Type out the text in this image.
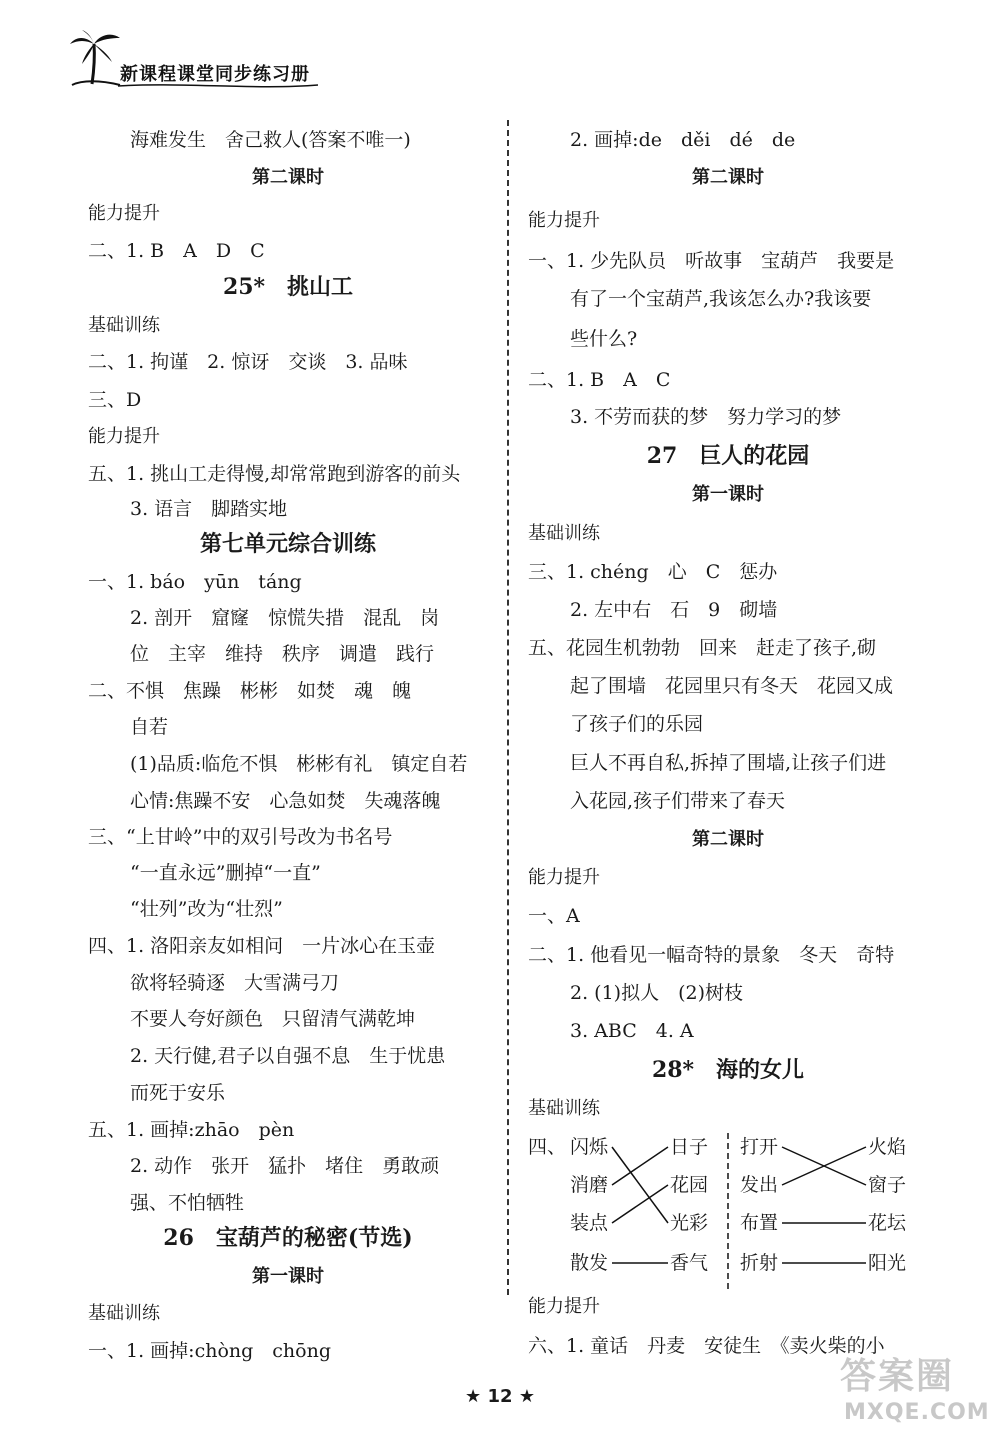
新课程课堂同步练习册
海难发生　舍己救人(答案不唯一)
第二课时
能力提升
二、1. B　A　D　C
25*　挑山工
基础训练
二、1. 拘谨　2. 惊讶　交谈　3. 品味
三、D
能力提升
五、1. 挑山工走得慢,却常常跑到游客的前头
3. 语言　脚踏实地
第七单元综合训练
一、1. báo　yūn　táng
2. 剖开　窟窿　惊慌失措　混乱　岗
位　主宰　维持　秩序　调遣　践行
二、不惧　焦躁　彬彬　如焚　魂　魄
自若
(1)品质:临危不惧　彬彬有礼　镇定自若
心情:焦躁不安　心急如焚　失魂落魄
三、“上甘岭”中的双引号改为书名号
“一直永远”删掉“一直”
“壮列”改为“壮烈”
四、1. 洛阳亲友如相问　一片冰心在玉壶
欲将轻骑逐　大雪满弓刀
不要人夸好颜色　只留清气满乾坤
2. 天行健,君子以自强不息　生于忧患
而死于安乐
五、1. 画掉:zhāo　pèn
2. 动作　张开　猛扑　堵住　勇敢顽
强、不怕牺牲
26　宝葫芦的秘密(节选)
第一课时
基础训练
一、1. 画掉:chòng　chōng
2. 画掉:de　děi　dé　de
第二课时
能力提升
一、1. 少先队员　听故事　宝葫芦　我要是
有了一个宝葫芦,我该怎么办?我该要
些什么?
二、1. B　A　C
3. 不劳而获的梦　努力学习的梦
27　巨人的花园
第一课时
基础训练
三、1. chéng　心　C　惩办
2. 左中右　石　9　砌墙
五、花园生机勃勃　回来　赶走了孩子,砌
起了围墙　花园里只有冬天　花园又成
了孩子们的乐园
巨人不再自私,拆掉了围墙,让孩子们进
入花园,孩子们带来了春天
第二课时
能力提升
一、A
二、1. 他看见一幅奇特的景象　冬天　奇特
2. (1)拟人　(2)树枝
3. ABC　4. A
28*　海的女儿
基础训练
四、 闪烁
消磨
装点
散发
日子
花园
光彩
香气
打开
发出
布置
折射
火焰
窗子
花坛
阳光
能力提升
六、1. 童话　丹麦　安徒生　《卖火柴的小
★ 12 ★	答案圈
MXQE.COM
